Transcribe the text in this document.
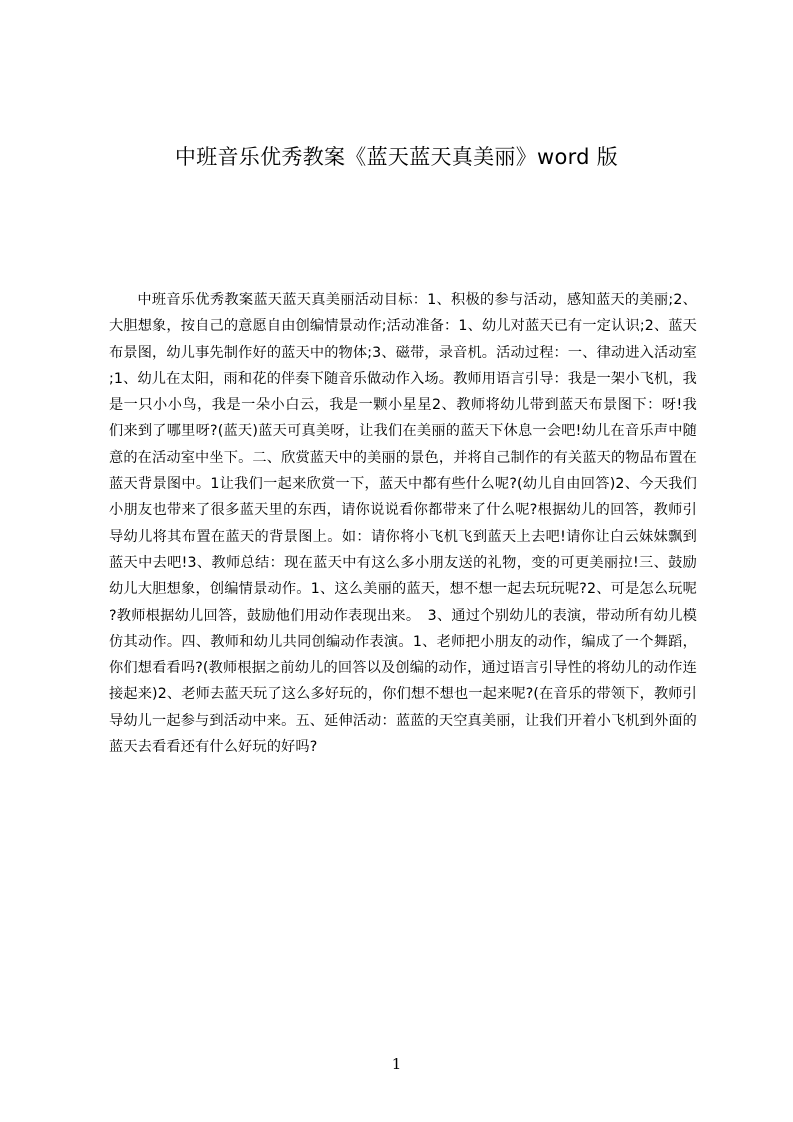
中班音乐优秀教案《蓝天蓝天真美丽》word 版

中班音乐优秀教案蓝天蓝天真美丽活动目标：1、积极的参与活动，感知蓝天的美丽;2、大胆想象，按自己的意愿自由创编情景动作;活动准备：1、幼儿对蓝天已有一定认识;2、蓝天布景图，幼儿事先制作好的蓝天中的物体;3、磁带，录音机。活动过程：一、律动进入活动室;1、幼儿在太阳，雨和花的伴奏下随音乐做动作入场。教师用语言引导：我是一架小飞机，我是一只小小鸟，我是一朵小白云，我是一颗小星星2、教师将幼儿带到蓝天布景图下：呀!我们来到了哪里呀?(蓝天)蓝天可真美呀，让我们在美丽的蓝天下休息一会吧!幼儿在音乐声中随意的在活动室中坐下。二、欣赏蓝天中的美丽的景色，并将自己制作的有关蓝天的物品布置在蓝天背景图中。1让我们一起来欣赏一下，蓝天中都有些什么呢?(幼儿自由回答)2、今天我们小朋友也带来了很多蓝天里的东西，请你说说看你都带来了什么呢?根据幼儿的回答，教师引导幼儿将其布置在蓝天的背景图上。如：请你将小飞机飞到蓝天上去吧!请你让白云妹妹飘到蓝天中去吧!3、教师总结：现在蓝天中有这么多小朋友送的礼物，变的可更美丽拉!三、鼓励幼儿大胆想象，创编情景动作。1、这么美丽的蓝天，想不想一起去玩玩呢?2、可是怎么玩呢?教师根据幼儿回答，鼓励他们用动作表现出来。　3、通过个别幼儿的表演，带动所有幼儿模仿其动作。四、教师和幼儿共同创编动作表演。1、老师把小朋友的动作，编成了一个舞蹈，你们想看看吗?(教师根据之前幼儿的回答以及创编的动作，通过语言引导性的将幼儿的动作连接起来)2、老师去蓝天玩了这么多好玩的，你们想不想也一起来呢?(在音乐的带领下，教师引导幼儿一起参与到活动中来。五、延伸活动：蓝蓝的天空真美丽，让我们开着小飞机到外面的蓝天去看看还有什么好玩的好吗?

1
